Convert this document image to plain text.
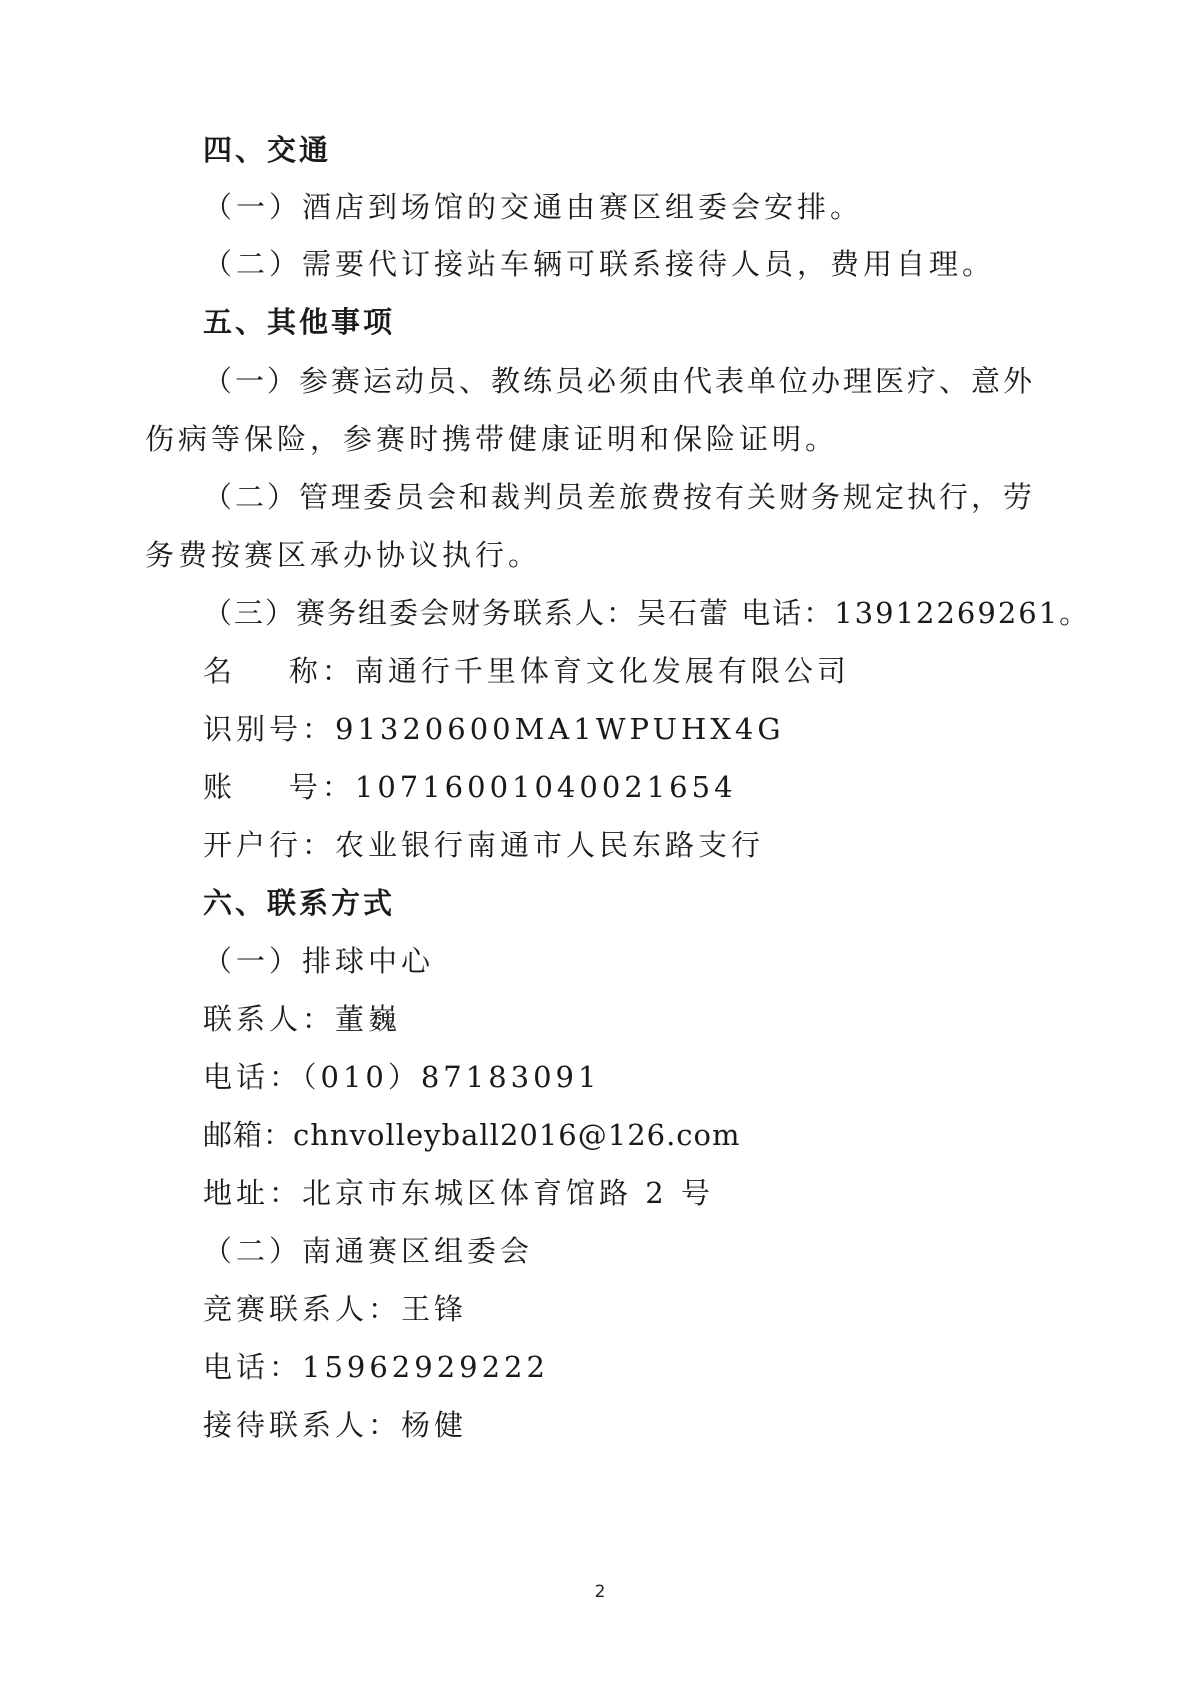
四、交通
（一）酒店到场馆的交通由赛区组委会安排。
（二）需要代订接站车辆可联系接待人员，费用自理。
五、其他事项
（一）参赛运动员、教练员必须由代表单位办理医疗、意外
伤病等保险，参赛时携带健康证明和保险证明。
（二）管理委员会和裁判员差旅费按有关财务规定执行，劳
务费按赛区承办协议执行。
（三）赛务组委会财务联系人：吴石蕾 电话：13912269261。
名    称：南通行千里体育文化发展有限公司
识别号：91320600MA1WPUHX4G
账    号：10716001040021654
开户行：农业银行南通市人民东路支行
六、联系方式
（一）排球中心
联系人：董巍
电话：（010）87183091
邮箱：chnvolleyball2016@126.com
地址：北京市东城区体育馆路 2 号
（二）南通赛区组委会
竞赛联系人：王锋
电话：15962929222
接待联系人：杨健
2
